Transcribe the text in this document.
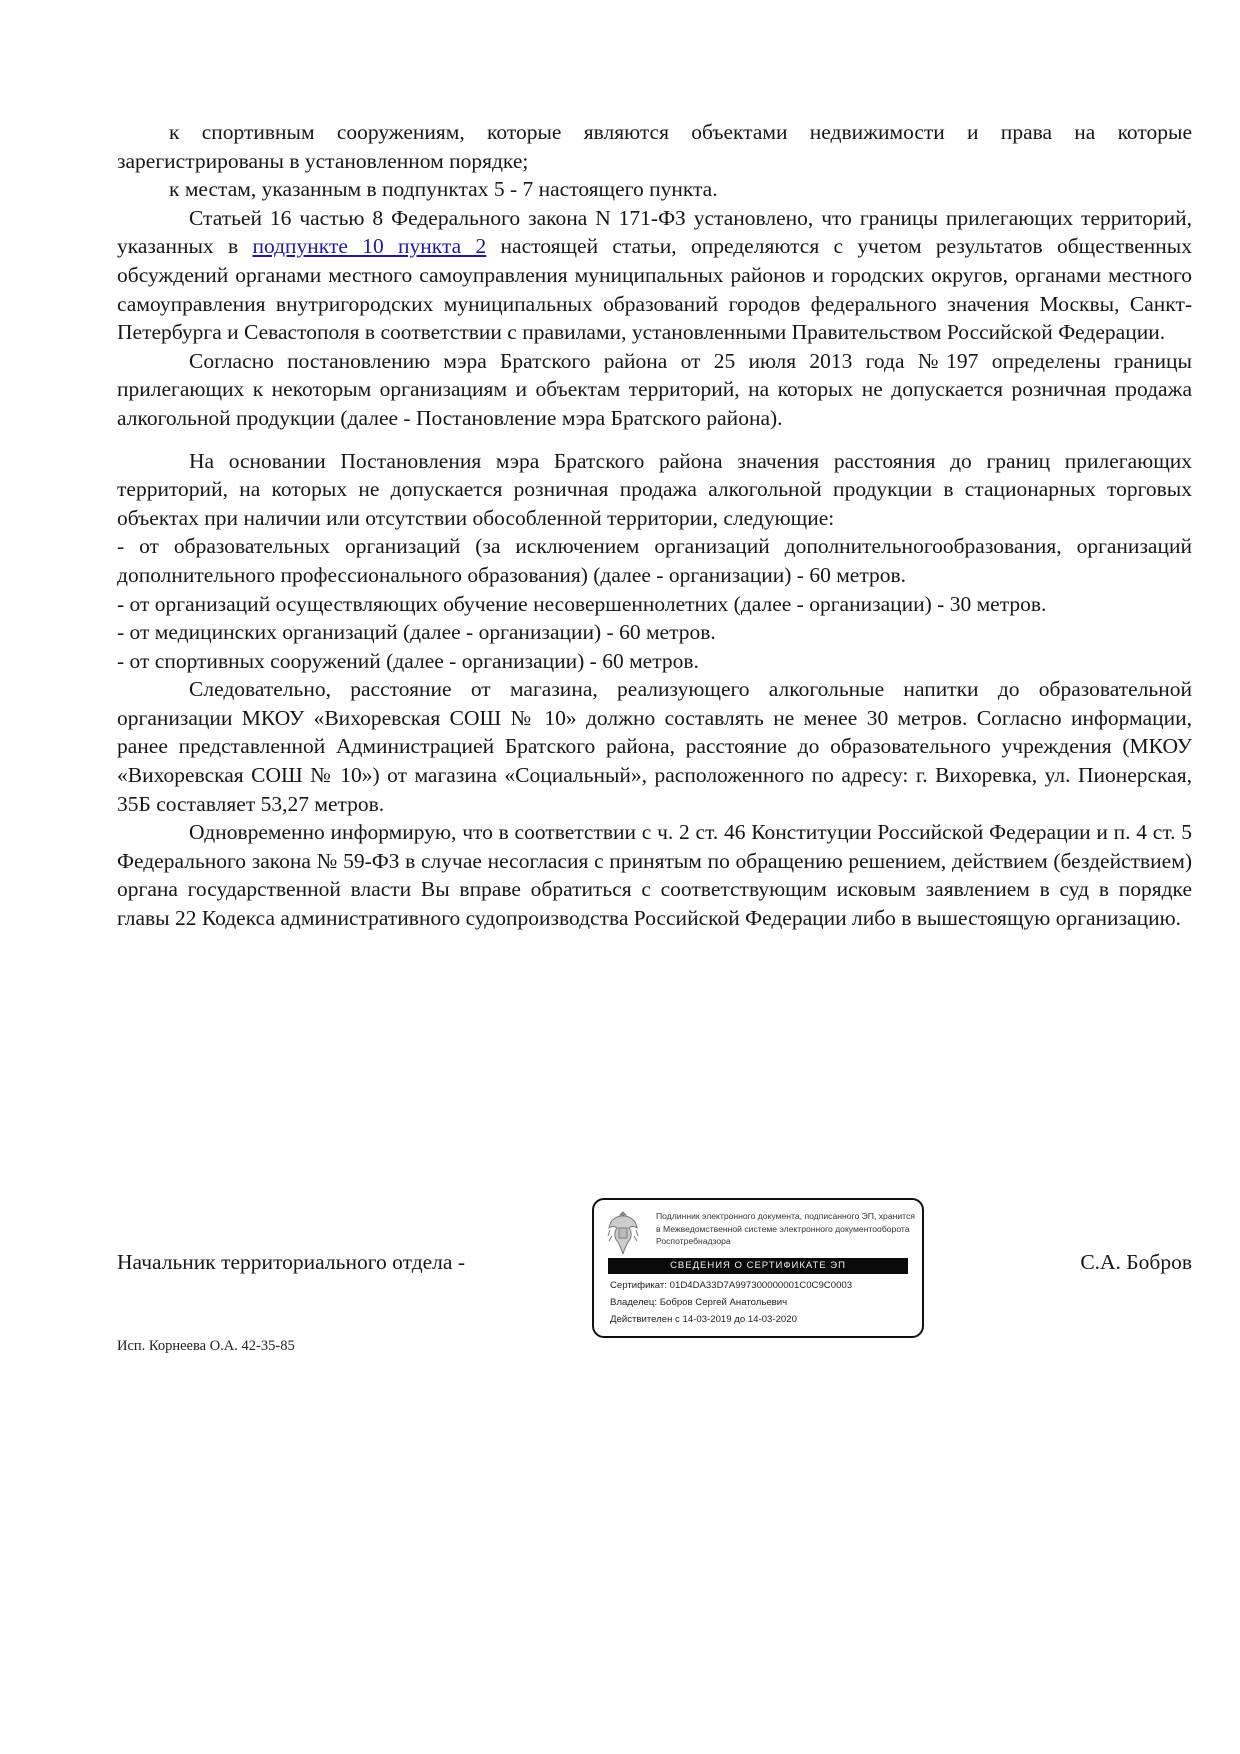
к спортивным сооружениям, которые являются объектами недвижимости и права на которые зарегистрированы в установленном порядке;

к местам, указанным в подпунктах 5 - 7 настоящего пункта.

Статьей 16 частью 8 Федерального закона N 171-ФЗ установлено, что границы прилегающих территорий, указанных в подпункте 10 пункта 2 настоящей статьи, определяются с учетом результатов общественных обсуждений органами местного самоуправления муниципальных районов и городских округов, органами местного самоуправления внутригородских муниципальных образований городов федерального значения Москвы, Санкт-Петербурга и Севастополя в соответствии с правилами, установленными Правительством Российской Федерации.

Согласно постановлению мэра Братского района от 25 июля 2013 года №197 определены границы прилегающих к некоторым организациям и объектам территорий, на которых не допускается розничная продажа алкогольной продукции (далее - Постановление мэра Братского района).

На основании Постановления мэра Братского района значения расстояния до границ прилегающих территорий, на которых не допускается розничная продажа алкогольной продукции в стационарных торговых объектах при наличии или отсутствии обособленной территории, следующие:

- от образовательных организаций (за исключением организаций дополнительногообразования, организаций дополнительного профессионального образования) (далее - организации) - 60 метров.

- от организаций осуществляющих обучение несовершеннолетних (далее - организации) - 30 метров.

- от медицинских организаций (далее - организации) - 60 метров.

- от спортивных сооружений (далее - организации) - 60 метров.

Следовательно, расстояние от магазина, реализующего алкогольные напитки до образовательной организации МКОУ «Вихоревская СОШ № 10» должно составлять не менее 30 метров. Согласно информации, ранее представленной Администрацией Братского района, расстояние до образовательного учреждения (МКОУ «Вихоревская СОШ № 10») от магазина «Социальный», расположенного по адресу: г. Вихоревка, ул. Пионерская, 35Б составляет 53,27 метров.

Одновременно информирую, что в соответствии с ч. 2 ст. 46 Конституции Российской Федерации и п. 4 ст. 5 Федерального закона № 59-ФЗ в случае несогласия с принятым по обращению решением, действием (бездействием) органа государственной власти Вы вправе обратиться с соответствующим исковым заявлением в суд в порядке главы 22 Кодекса административного судопроизводства Российской Федерации либо в вышестоящую организацию.

Начальник территориального отдела -
Подлинник электронного документа, подписанного ЭП, хранится в Межведомственной системе электронного документооборота Роспотребнадзора
СВЕДЕНИЯ О СЕРТИФИКАТЕ ЭП
Сертификат: 01D4DA33D7A997300000001C0C9C0003
Владелец: Бобров Сергей Анатольевич
Действителен с 14-03-2019 до 14-03-2020
С.А. Бобров
Исп. Корнеева О.А. 42-35-85
